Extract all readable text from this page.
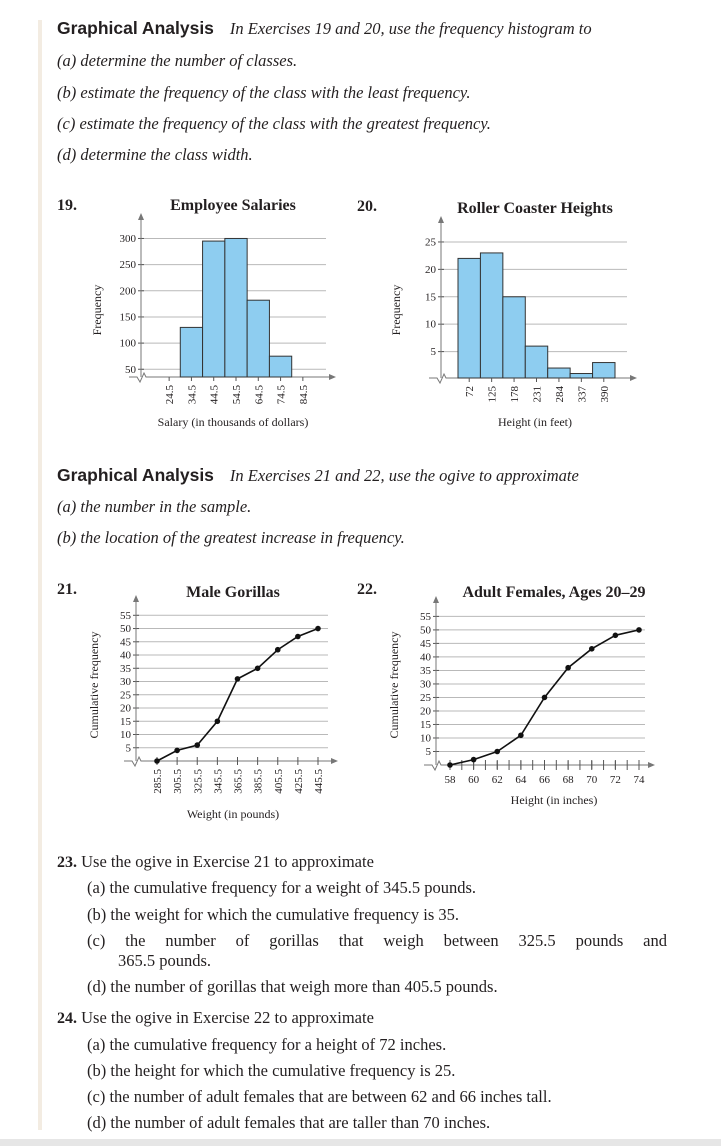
Graphical Analysis In Exercises 19 and 20, use the frequency histogram to
(a) determine the number of classes.
(b) estimate the frequency of the class with the least frequency.
(c) estimate the frequency of the class with the greatest frequency.
(d) determine the class width.
19.	20.
21.	22.
Employee Salaries
50
100
150
200
250
300
24.5 34.5 44.5 54.5 64.5 74.5 84.5
Salary (in thousands of dollars)
Frequency
Roller Coaster Heights
5
10
15
20
25
72 125 178 231 284 337 390
Height (in feet)
Frequency
Male Gorillas
5
10
15
20
25
30
35
40
45
50
55
285.5 305.5 325.5 345.5 365.5 385.5 405.5 425.5 445.5
Weight (in pounds)
Cumulative frequency
Adult Females, Ages 20–29
5
10
15
20
25
30
35
40
45
50
55
58 60 62 64 66 68 70 72 74
Height (in inches)
Cumulative frequency
Graphical Analysis In Exercises 21 and 22, use the ogive to approximate
(a) the number in the sample.
(b) the location of the greatest increase in frequency.
23. Use the ogive in Exercise 21 to approximate
(a) the cumulative frequency for a weight of 345.5 pounds.
(b) the weight for which the cumulative frequency is 35.
(c) the number of gorillas that weigh between 325.5 pounds and
365.5 pounds.
(d) the number of gorillas that weigh more than 405.5 pounds.
24. Use the ogive in Exercise 22 to approximate
(a) the cumulative frequency for a height of 72 inches.
(b) the height for which the cumulative frequency is 25.
(c) the number of adult females that are between 62 and 66 inches tall.
(d) the number of adult females that are taller than 70 inches.
